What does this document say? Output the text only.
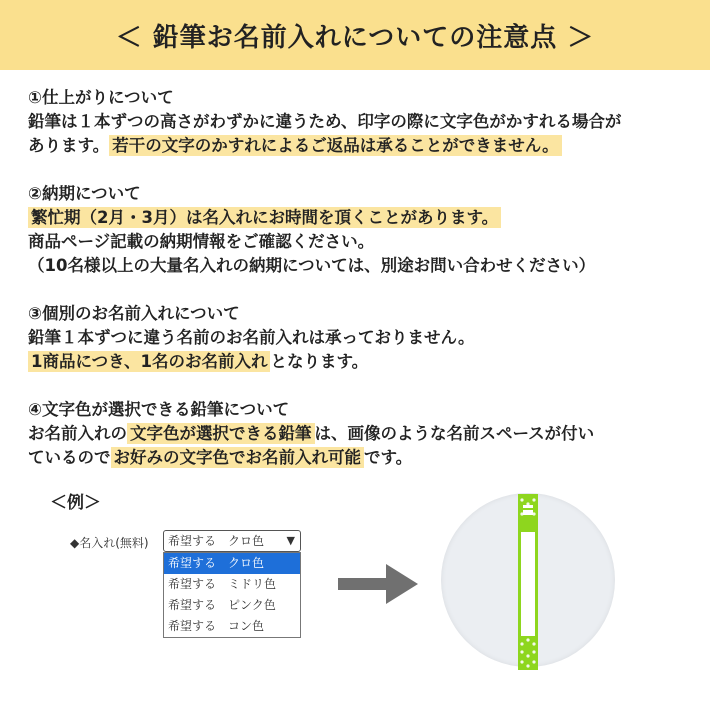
＜ 鉛筆お名前入れについての注意点 ＞
①仕上がりについて
鉛筆は１本ずつの高さがわずかに違うため、印字の際に文字色がかすれる場合が
あります。 若干の文字のかすれによるご返品は承ることができません。
②納期について
繁忙期（2月・3月）は名入れにお時間を頂くことがあります。
商品ページ記載の納期情報をご確認ください。
（10名様以上の大量名入れの納期については、別途お問い合わせください）
③個別のお名前入れについて
鉛筆１本ずつに違う名前のお名前入れは承っておりません。
1商品につき、1名のお名前入れ となります。
④文字色が選択できる鉛筆について
お名前入れの 文字色が選択できる鉛筆 は、画像のような名前スペースが付い
ているので お好みの文字色でお名前入れ可能 です。
＜例＞
◆名入れ(無料)	希望する　クロ色 ▼
希望する　クロ色
希望する　ミドリ色
希望する　ピンク色
希望する　コン色
